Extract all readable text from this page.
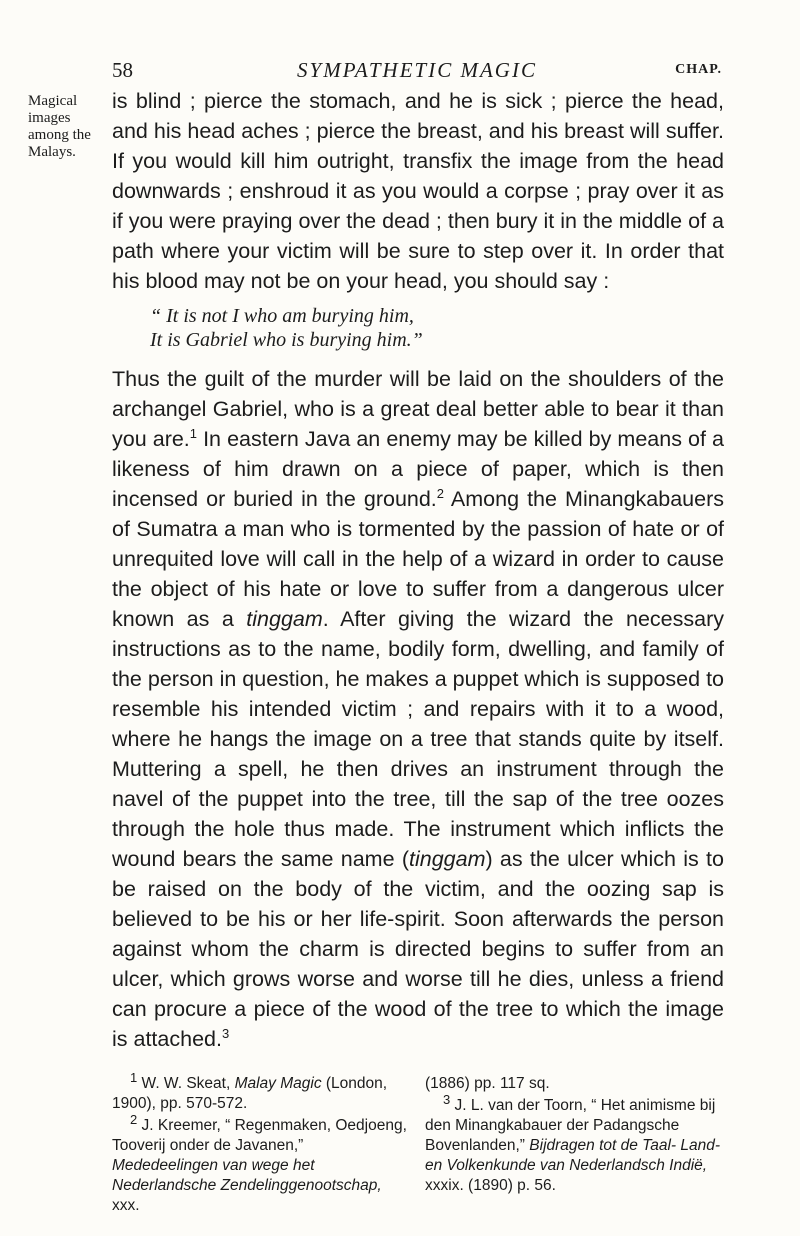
58	SYMPATHETIC MAGIC	CHAP.
Magical images among the Malays.

is blind ; pierce the stomach, and he is sick ; pierce the head, and his head aches ; pierce the breast, and his breast will suffer. If you would kill him outright, transfix the image from the head downwards ; enshroud it as you would a corpse ; pray over it as if you were praying over the dead ; then bury it in the middle of a path where your victim will be sure to step over it. In order that his blood may not be on your head, you should say :

“ It is not I who am burying him,
It is Gabriel who is burying him.”

Thus the guilt of the murder will be laid on the shoulders of the archangel Gabriel, who is a great deal better able to bear it than you are.$^1$ In eastern Java an enemy may be killed by means of a likeness of him drawn on a piece of paper, which is then incensed or buried in the ground.$^2$ Among the Minangkabauers of Sumatra a man who is tormented by the passion of hate or of unrequited love will call in the help of a wizard in order to cause the object of his hate or love to suffer from a dangerous ulcer known as a tinggam. After giving the wizard the necessary instructions as to the name, bodily form, dwelling, and family of the person in question, he makes a puppet which is supposed to resemble his intended victim ; and repairs with it to a wood, where he hangs the image on a tree that stands quite by itself. Muttering a spell, he then drives an instrument through the navel of the puppet into the tree, till the sap of the tree oozes through the hole thus made. The instrument which inflicts the wound bears the same name (tinggam) as the ulcer which is to be raised on the body of the victim, and the oozing sap is believed to be his or her life-spirit. Soon afterwards the person against whom the charm is directed begins to suffer from an ulcer, which grows worse and worse till he dies, unless a friend can procure a piece of the wood of the tree to which the image is attached.$^3$

$^1$ W. W. Skeat, Malay Magic (London, 1900), pp. 570-572.

$^2$ J. Kreemer, “ Regenmaken, Oedjoeng, Tooverij onder de Javanen,” Mededeelingen van wege het Nederlandsche Zendelinggenootschap, xxx.

(1886) pp. 117 sq.

$^3$ J. L. van der Toorn, “ Het animisme bij den Minangkabauer der Padangsche Bovenlanden,” Bijdragen tot de Taal- Land- en Volkenkunde van Nederlandsch Indië, xxxix. (1890) p. 56.
